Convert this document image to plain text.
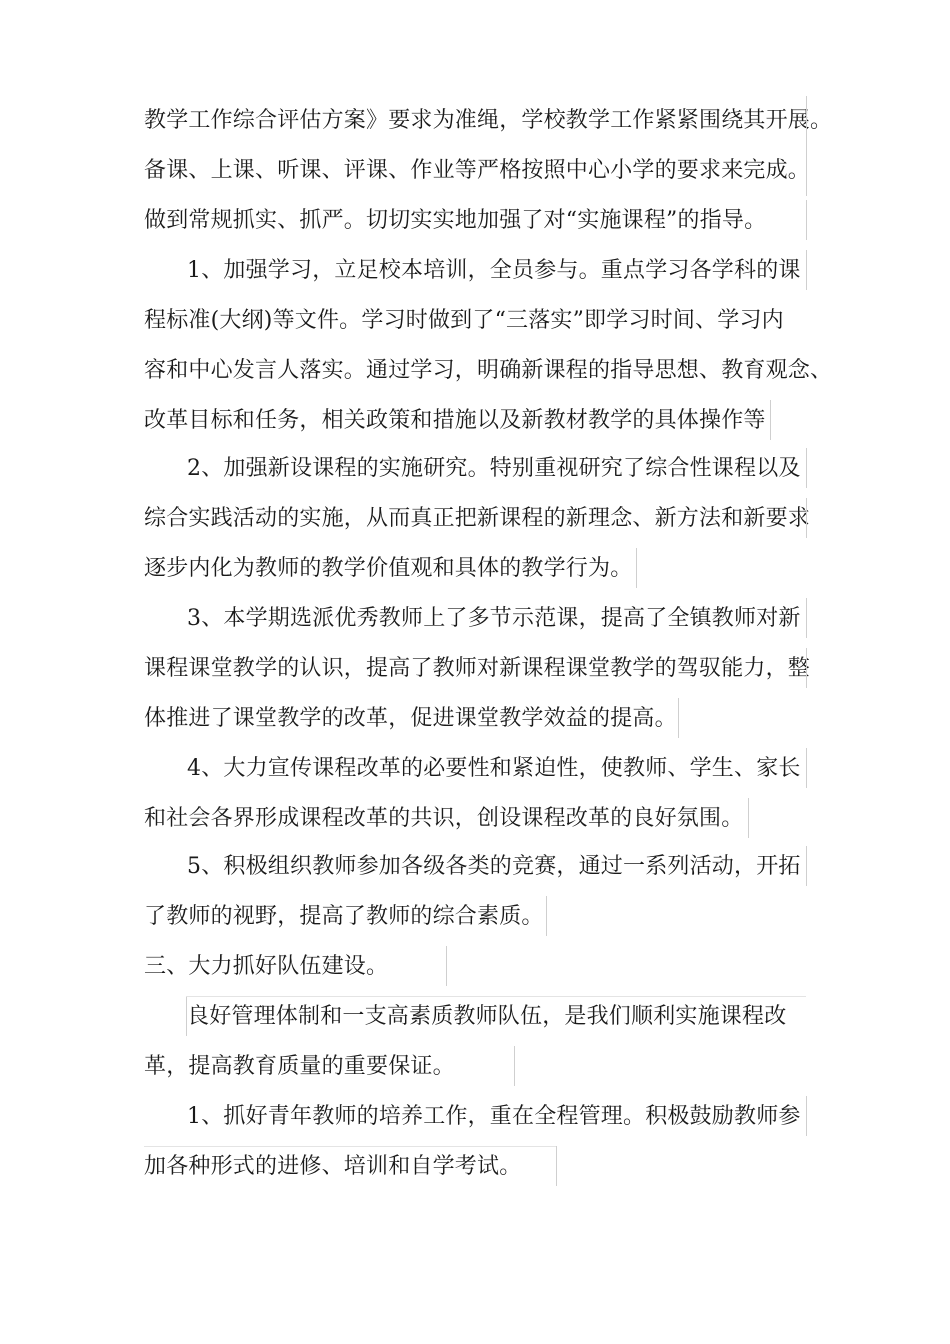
教学工作综合评估方案》要求为准绳，学校教学工作紧紧围绕其开展。
备课、上课、听课、评课、作业等严格按照中心小学的要求来完成。
做到常规抓实、抓严。切切实实地加强了对“实施课程”的指导。
1、加强学习，立足校本培训，全员参与。重点学习各学科的课
程标准(大纲)等文件。学习时做到了“三落实”即学习时间、学习内
容和中心发言人落实。通过学习，明确新课程的指导思想、教育观念、
改革目标和任务，相关政策和措施以及新教材教学的具体操作等
2、加强新设课程的实施研究。特别重视研究了综合性课程以及
综合实践活动的实施，从而真正把新课程的新理念、新方法和新要求
逐步内化为教师的教学价值观和具体的教学行为。
3、本学期选派优秀教师上了多节示范课，提高了全镇教师对新
课程课堂教学的认识，提高了教师对新课程课堂教学的驾驭能力，整
体推进了课堂教学的改革，促进课堂教学效益的提高。
4、大力宣传课程改革的必要性和紧迫性，使教师、学生、家长
和社会各界形成课程改革的共识，创设课程改革的良好氛围。
5、积极组织教师参加各级各类的竞赛，通过一系列活动，开拓
了教师的视野，提高了教师的综合素质。
三、大力抓好队伍建设。
良好管理体制和一支高素质教师队伍，是我们顺利实施课程改
革，提高教育质量的重要保证。
1、抓好青年教师的培养工作，重在全程管理。积极鼓励教师参
加各种形式的进修、培训和自学考试。
